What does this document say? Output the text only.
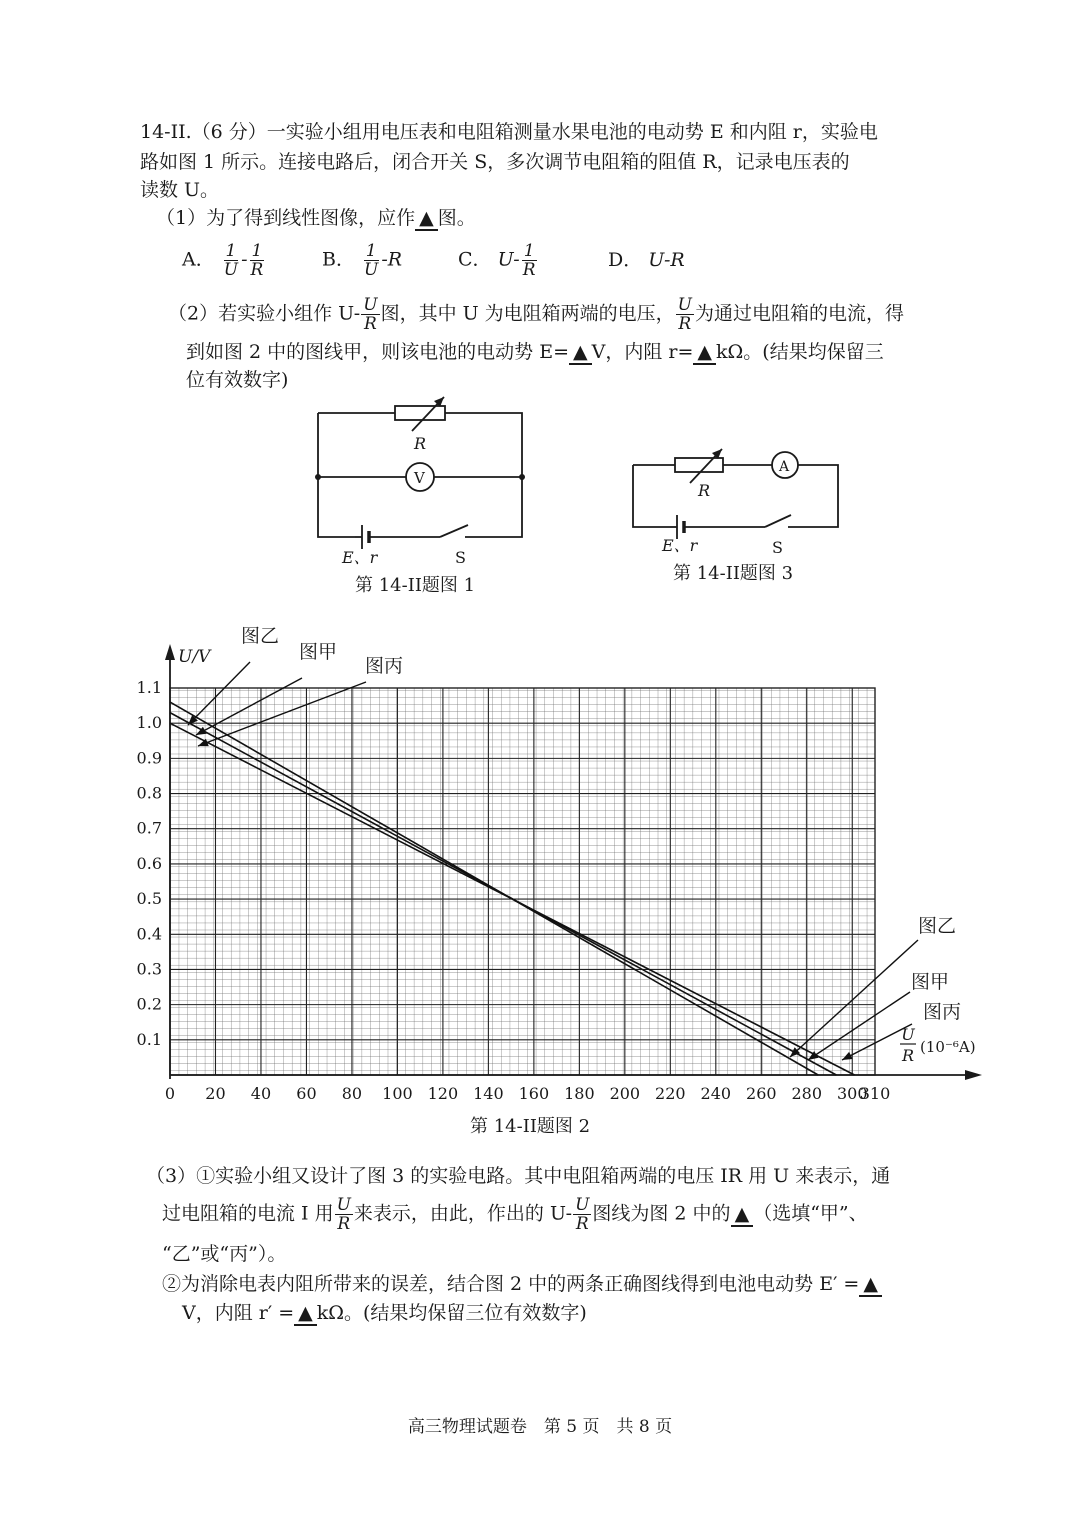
14-II.（6 分）一实验小组用电压表和电阻箱测量水果电池的电动势 E 和内阻 r，实验电
路如图 1 所示。连接电路后，闭合开关 S，多次调节电阻箱的阻值 R，记录电压表的
读数 U。
（1）为了得到线性图像，应作 ▲ 图。
A． $\frac{1}{U} - \frac{1}{R}$	B． $\frac{1}{U} -R$	C． $U- \frac{1}{R}$	D． U-R
（2）若实验小组作 $U- \frac{U}{R}$ 图，其中 U 为电阻箱两端的电压， $\frac{U}{R}$ 为通过电阻箱的电流，得
到如图 2 中的图线甲，则该电池的电动势 E= ▲ V，内阻 r= ▲ kΩ。(结果均保留三
位有效数字)
R
V
E、r	S
第 14-II题图 1
R
A
E、r	S
第 14-II题图 3
0 20 40 60 80 100 120 140 160 180 200 220 240 260 280 300
310
0.1
0.2
0.3
0.4
0.5
0.6
0.7
0.8
0.9
1.0
1.1
U/V
U
R (10⁻⁶A)
图乙
图甲
图丙
图乙
图甲
图丙
第 14-II题图 2
（3）①实验小组又设计了图 3 的实验电路。其中电阻箱两端的电压 IR 用 U 来表示，通
过电阻箱的电流 I 用 $\frac{U}{R}$ 来表示，由此，作出的 $U- \frac{U}{R}$ 图线为图 2 中的 ▲ （选填“甲”、
“乙”或“丙”）。
②为消除电表内阻所带来的误差，结合图 2 中的两条正确图线得到电池电动势 E′ = ▲
V，内阻 r′ = ▲ kΩ。(结果均保留三位有效数字)
高三物理试题卷　第 5 页　共 8 页
